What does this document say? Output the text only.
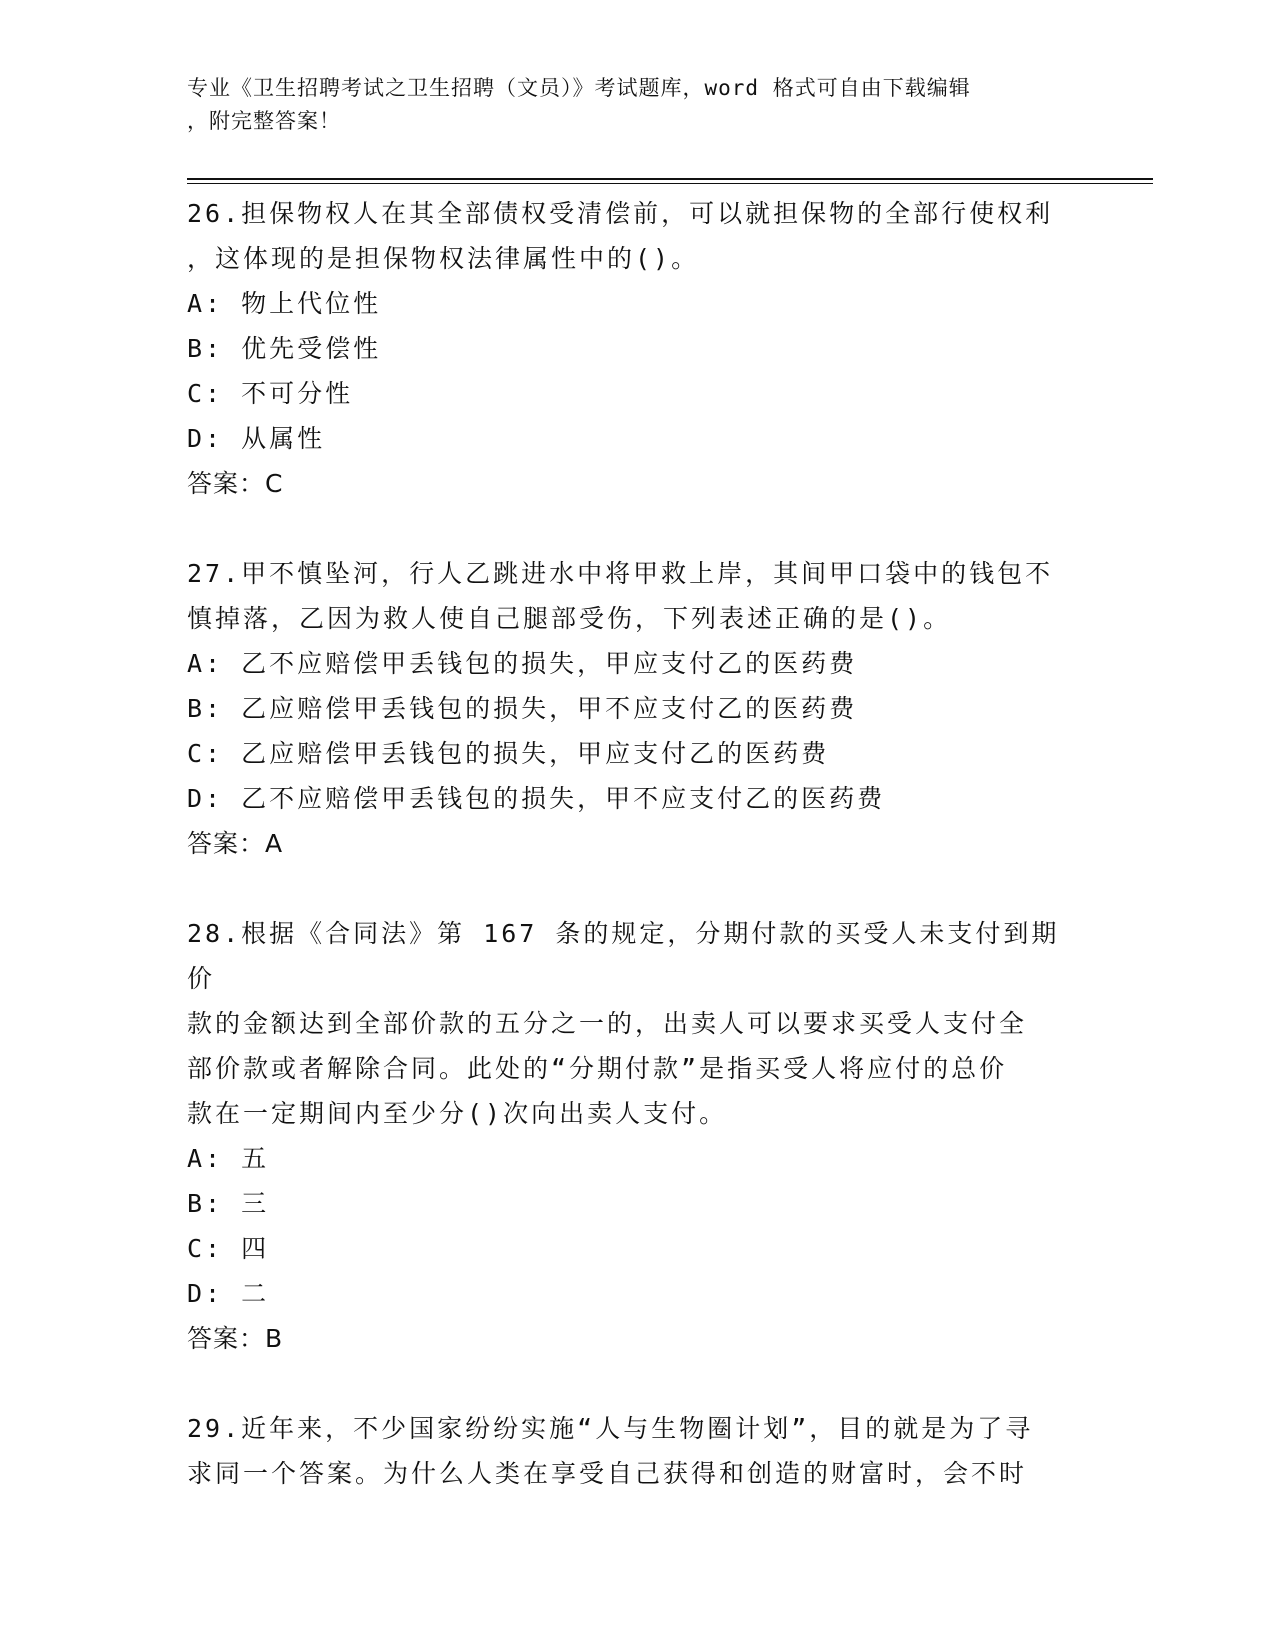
专业《卫生招聘考试之卫生招聘（文员）》考试题库，word 格式可自由下载编辑
，附完整答案！
26.担保物权人在其全部债权受清偿前，可以就担保物的全部行使权利
，这体现的是担保物权法律属性中的()。
A: 物上代位性
B: 优先受偿性
C: 不可分性
D: 从属性
答案：C
27.甲不慎坠河，行人乙跳进水中将甲救上岸，其间甲口袋中的钱包不
慎掉落，乙因为救人使自己腿部受伤，下列表述正确的是()。
A: 乙不应赔偿甲丢钱包的损失，甲应支付乙的医药费
B: 乙应赔偿甲丢钱包的损失，甲不应支付乙的医药费
C: 乙应赔偿甲丢钱包的损失，甲应支付乙的医药费
D: 乙不应赔偿甲丢钱包的损失，甲不应支付乙的医药费
答案：A
28.根据《合同法》第 167 条的规定，分期付款的买受人未支付到期价
款的金额达到全部价款的五分之一的，出卖人可以要求买受人支付全
部价款或者解除合同。此处的“分期付款”是指买受人将应付的总价
款在一定期间内至少分()次向出卖人支付。
A: 五
B: 三
C: 四
D: 二
答案：B
29.近年来，不少国家纷纷实施“人与生物圈计划”，目的就是为了寻
求同一个答案。为什么人类在享受自己获得和创造的财富时，会不时
